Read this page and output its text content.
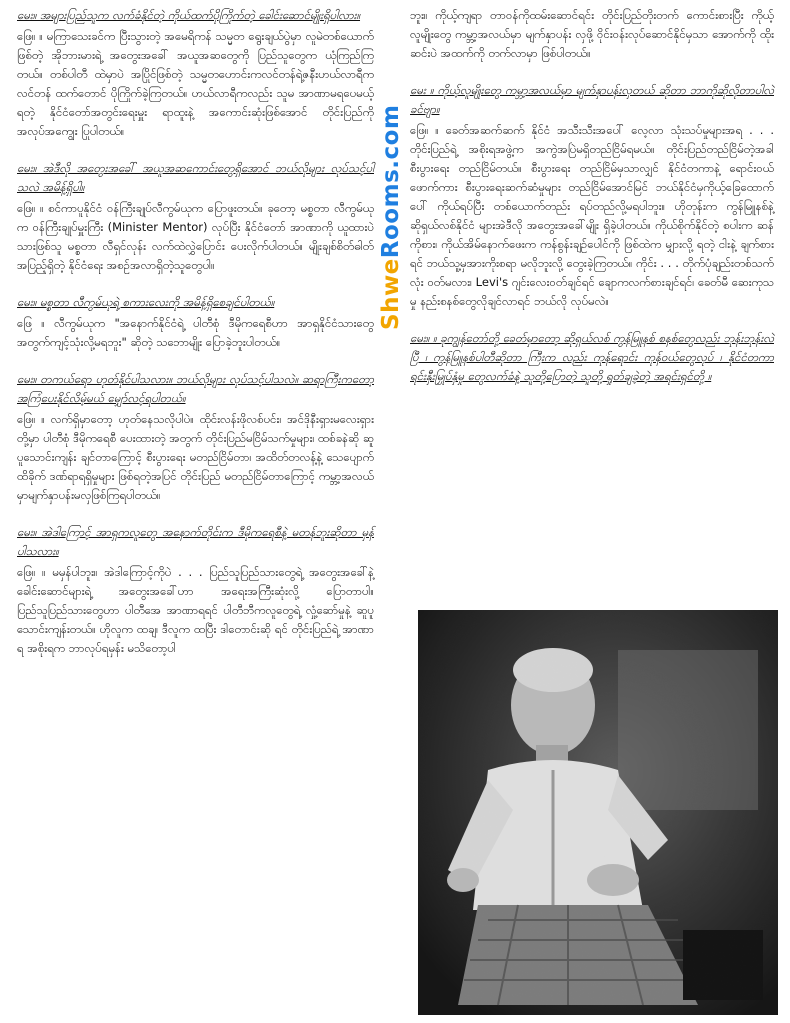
မေး။ အများပြည်သူက လက်ခံနိုင်တဲ့ ကိုယ်ထက်ပိုကြိုက်တဲ့ ခေါင်းဆောင်မျိုးရှိပါလား။

ဖြေ။ ။ မကြာသေးခင်က ပြီးသွားတဲ့ အမေရိကန် သမ္မတ ရွေးချယ်ပွဲမှာ လူမဲတစ်ယောက်ဖြစ်တဲ့ အိုဘားမားရဲ့ အတွေးအခေါ် အယူအဆတွေကို ပြည်သူတွေက ယုံကြည်ကြတယ်။ တစ်ပါတီ ထဲမှာပဲ အပြိုင်ဖြစ်တဲ့ သမ္မတဟောင်းကလင်တန်ရဲ့ဇနီးဟယ်လာရီကလင်တန် ထက်တောင် ပိုကြိုက်ခဲ့ကြတယ်။ ဟယ်လာရီကလည်း သူမ အာဏာမရပေမယ့် ရတဲ့ နိုင်ငံတော်အတွင်းရေးမှူး ရာထူးနဲ့ အကောင်းဆုံးဖြစ်အောင် တိုင်းပြည်ကို အလုပ်အကျွေး ပြုပါတယ်။

မေး။ အဲဒီလို အတွေးအခေါ် အယူအဆကောင်းတွေရှိအောင် ဘယ်လိုများ လုပ်သင့်ပါသလဲ အမိန့်ရှိပါ။

ဖြေ။ ။ စင်ကာပူနိုင်ငံ ဝန်ကြီးချုပ်လီကွမ်ယုက ပြောဖူးတယ်။ ခုတော့ မစ္စတာ လီကွမ်ယုက ဝန်ကြီးချုပ်မှူးကြီး (Minister Mentor) လုပ်ပြီး နိုင်ငံတော် အာဏာကို ယူထားပဲ သားဖြစ်သူ မစ္စတာ လီရှင်လုန်း လက်ထဲလွှဲပြောင်း ပေးလိုက်ပါတယ်။ မျိုးချစ်စိတ်ဓါတ် အပြည့်ရှိတဲ့ နိုင်ငံရေး အစဉ်အလာရှိတဲ့သူတွေပါ။

မေး။ မစ္စတာ လီကွမ်ယုရဲ့ စကားလေးကို အမိန့်ရှိစေချင်ပါတယ်။

ဖြေ ။ လီကွမ်ယုက "အနောက်နိုင်ငံရဲ့ ပါတီစုံ ဒီမိုကရေစီဟာ အာရှနိုင်ငံသားတွေ အတွက်ကျင့်သုံးလို့မရဘူး" ဆိုတဲ့ သဘောမျိုး ပြောခဲ့ဘူးပါတယ်။

မေး။ တကယ်ရော ဟုတ်နိုင်ပါသလား။ ဘယ်လိုများ လုပ်သင့်ပါသလဲ။ ဆရာကြီးကတော့ အကြံပေးနိုင်လိမ့်မယ် မျှော်လင့်ရပါတယ်။

ဖြေ။ ။ လက်ရှိမှာတော့ ဟုတ်နေသလိုပါပဲ။ ထိုင်းလန်းဖိုလစ်ပင်း၊ အင်ဒိုနီးရှားမလေးရှား တို့မှာ ပါတီစုံ ဒီမိုကရေစီ ပေးထားတဲ့ အတွက် တိုင်းပြည်မငြိမ်သက်မှုများ၊ ထစ်ခနဲဆို ဆူပူသောင်းကျန်း ချင်တာကြောင့် စီးပွားရေး မတည်ငြိမ်တာ၊ အထိတ်တလန့်နဲ့ သေပျောက်ထိခိုက် ဒဏ်ရာရရှိမှုများ ဖြစ်ရတဲ့အပြင် တိုင်းပြည် မတည်ငြိမ်တာကြောင့် ကမ္ဘာ့အလယ်မှာမျက်နှာပန်းမလှဖြစ်ကြရပါတယ်။

မေး။ အဲဒါကြောင့် အာရှကလူတွေ အနောက်တိုင်းက ဒီမိုကရေစီနဲ့ မတန်ဘူးဆိုတာ မှန်ပါသလား။

ဖြေ။ ။ မမှန်ပါဘူး။ အဲဒါကြောင့်ကိုပဲ . . . ပြည်သူပြည်သားတွေရဲ့ အတွေးအခေါ်နဲ့ ခေါင်းဆောင်များရဲ့ အတွေးအခေါ်ဟာ အရေးအကြီးဆုံးလို့ ပြောတာပါ။ ပြည်သူပြည်သားတွေဟာ ပါတီအေ အာဏာရရင် ပါတီဘီကလူတွေရဲ့ လှုံ့ဆော်မှုနဲ့ ဆူပူ သောင်းကျန်းတယ်။ ဟိုလူက ထချ၊ ဒီလူက ထပြီး ဒါတောင်းဆို ရင် တိုင်းပြည်ရဲ့ အာဏာရ အစိုးရက ဘာလုပ်ရမှန်း မသိတော့ပါ

ShweRooms.com

ဘူး။ ကိုယ့်ကျရာ တာဝန်ကိုထမ်းဆောင်ရင်း တိုင်းပြည်တိုးတက် ကောင်းစားပြီး ကိုယ့်လူမျိုးတွေ ကမ္ဘာ့အလယ်မှာ မျက်နှာပန်း လှဖို့ ဝိုင်းဝန်းလုပ်ဆောင်နိုင်မှသာ အောက်ကို ထိုးဆင်းပဲ အထက်ကို တက်လာမှာ ဖြစ်ပါတယ်။

မေး ။ ကိုယ့်လူမျိုးတွေ ကမ္ဘာ့အလယ်မှာ မျက်နှာပန်းလှတယ် ဆိုတာ ဘာကိုဆိုလိုတာပါလဲခင်ဗျာ။

ဖြေ။ ။ ခေတ်အဆက်ဆက် နိုင်ငံ အသီးသီးအပေါ် လေ့လာ သုံးသပ်မှုများအရ . . . တိုင်းပြည်ရဲ့ အစိုးရအဖွဲ့က အကွဲအပြဲမရှိတည်ငြိမ်ရမယ်။ တိုင်းပြည်တည်ငြိမ်တဲ့အခါ စီးပွားရေး တည်ငြိမ်တယ်။ စီးပွားရေး တည်ငြိမ်မှသာလျှင် နိုင်ငံတကာနဲ့ ရောင်းဝယ် ဖောက်ကား စီးပွားရေးဆက်ဆံမှုများ တည်ငြိမ်အောင်မြင် ဘယ်နိုင်ငံမှကိုယ့်ခြေထောက်ပေါ် ကိုယ်ရပ်ပြီး တစ်ယောက်တည်း ရပ်တည်လို့မရပါဘူး။ ဟိုတုန်းက ကွန်မြူနစ်နဲ့ ဆိုရှယ်လစ်နိုင်ငံ များအဲဒီလို အတွေးအခေါ်မျိုး ရှိခဲ့ပါတယ်။ ကိုယ်စိုက်နိုင်တဲ့ စပါးက ဆန်ကိုစား၊ ကိုယ်အိမ်နောက်ဖေးက ကန်စွန်းချဉ်ပေါင်ကို ဖြစ်ထဲက မျှားလို့ ရတဲ့ ငါးနဲ့ ချက်စားရင် ဘယ်သူ့မှအားကိုးစရာ မလိုဘူးလို့ တွေးခဲ့ကြတယ်။ ကိုင်း . . . တိုက်ပုံချည်းတစ်သက်လုံး ဝတ်မလား၊ Levi's ဂျင်းလေးဝတ်ချင်ရင် ချောကလက်စားချင်ရင်၊ ခေတ်မီ ဆေးကုသမှု နည်းစနစ်တွေလိုချင်လာရင် ဘယ်လို လုပ်မလဲ။

မေး။ ။ ခုကျွန်တော်တို့ ခေတ်မှာတော့ ဆိုရှယ်လစ် ကွန်မြူနစ် စနစ်တွေလည်း ဘုန်းဘုန်းလဲပြီ ၊ ကွန်မြူနစ်ပါတီဆိုတာ ကြီးက လည်း ကုန်ရောင်း ကုန်ဝယ်တွေလုပ် ၊ နိုင်ငံတကာ ရင်းနှီးမြှုပ်နှံမှု တွေလက်ခံနဲ့ သူတို့ပြောတဲ့ သူတို့ ရှုတ်ချခဲ့တဲ့ အရင်းရှင်တို့ ။
